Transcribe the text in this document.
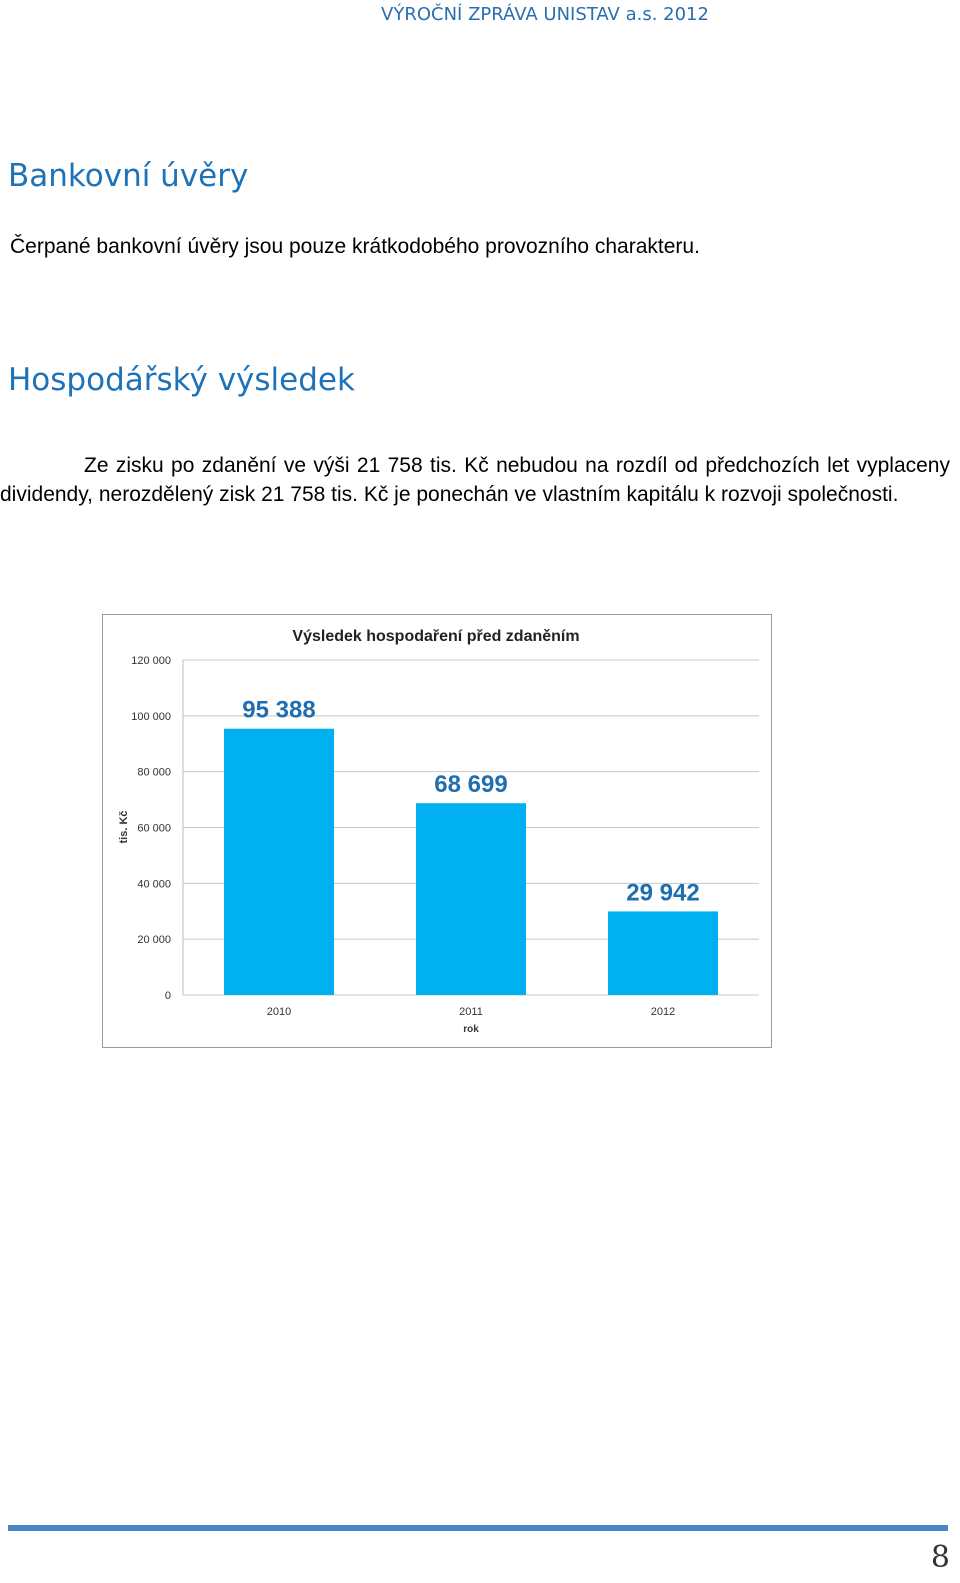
VÝROČNÍ ZPRÁVA UNISTAV a.s. 2012
Bankovní úvěry

Čerpané bankovní úvěry jsou pouze krátkodobého provozního charakteru.

Hospodářský výsledek

Ze zisku po zdanění ve výši 21 758 tis. Kč nebudou na rozdíl od předchozích let vyplaceny dividendy, nerozdělený zisk 21 758 tis. Kč je ponechán ve vlastním kapitálu k rozvoji společnosti.

Výsledek hospodaření před zdaněním
0
20 000
40 000
60 000
80 000
100 000
120 000
tis. Kč
95 388
2010
68 699
2011
29 942
2012
rok
8
